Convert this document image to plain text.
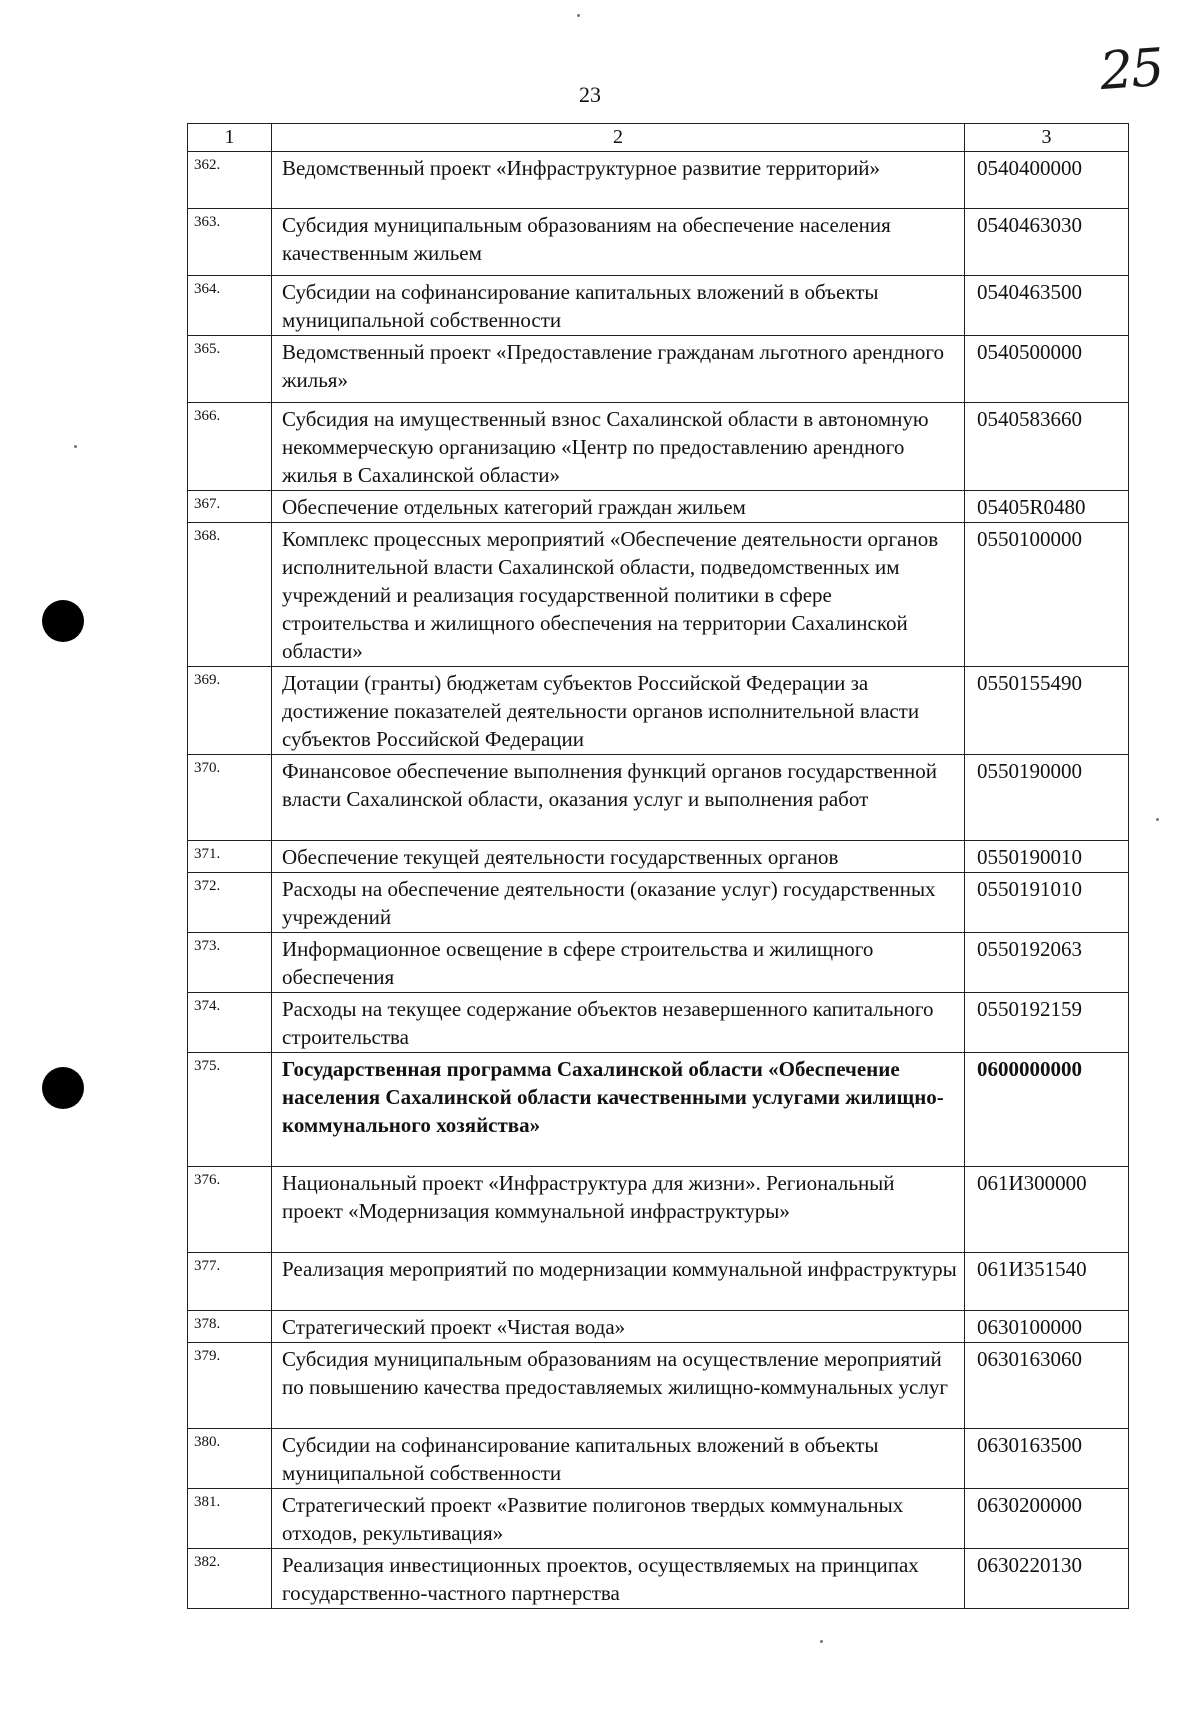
23	25
1	2	3
362.	Ведомственный проект «Инфраструктурное развитие территорий»	0540400000
363.	Субсидия муниципальным образованиям на обеспечение населения качественным жильем	0540463030
364.	Субсидии на софинансирование капитальных вложений в объекты муниципальной собственности	0540463500
365.	Ведомственный проект «Предоставление гражданам льготного арендного жилья»	0540500000
366.	Субсидия на имущественный взнос Сахалинской области в автономную некоммерческую организацию «Центр по предоставлению арендного жилья в Сахалинской области»	0540583660
367.	Обеспечение отдельных категорий граждан жильем	05405R0480
368.	Комплекс процессных мероприятий «Обеспечение деятельности органов исполнительной власти Сахалинской области, подведомственных им учреждений и реализация государственной политики в сфере строительства и жилищного обеспечения на территории Сахалинской области»	0550100000
369.	Дотации (гранты) бюджетам субъектов Российской Федерации за достижение показателей деятельности органов исполнительной власти субъектов Российской Федерации	0550155490
370.	Финансовое обеспечение выполнения функций органов государственной власти Сахалинской области, оказания услуг и выполнения работ	0550190000
371.	Обеспечение текущей деятельности государственных органов	0550190010
372.	Расходы на обеспечение деятельности (оказание услуг) государственных учреждений	0550191010
373.	Информационное освещение в сфере строительства и жилищного обеспечения	0550192063
374.	Расходы на текущее содержание объектов незавершенного капитального строительства	0550192159
375.	Государственная программа Сахалинской области «Обеспечение населения Сахалинской области качественными услугами жилищно-коммунального хозяйства»	0600000000
376.	Национальный проект «Инфраструктура для жизни». Региональный проект «Модернизация коммунальной инфраструктуры»	061И300000
377.	Реализация мероприятий по модернизации коммунальной инфраструктуры	061И351540
378.	Стратегический проект «Чистая вода»	0630100000
379.	Субсидия муниципальным образованиям на осуществление мероприятий по повышению качества предоставляемых жилищно-коммунальных услуг	0630163060
380.	Субсидии на софинансирование капитальных вложений в объекты муниципальной собственности	0630163500
381.	Стратегический проект «Развитие полигонов твердых коммунальных отходов, рекультивация»	0630200000
382.	Реализация инвестиционных проектов, осуществляемых на принципах государственно-частного партнерства	0630220130
